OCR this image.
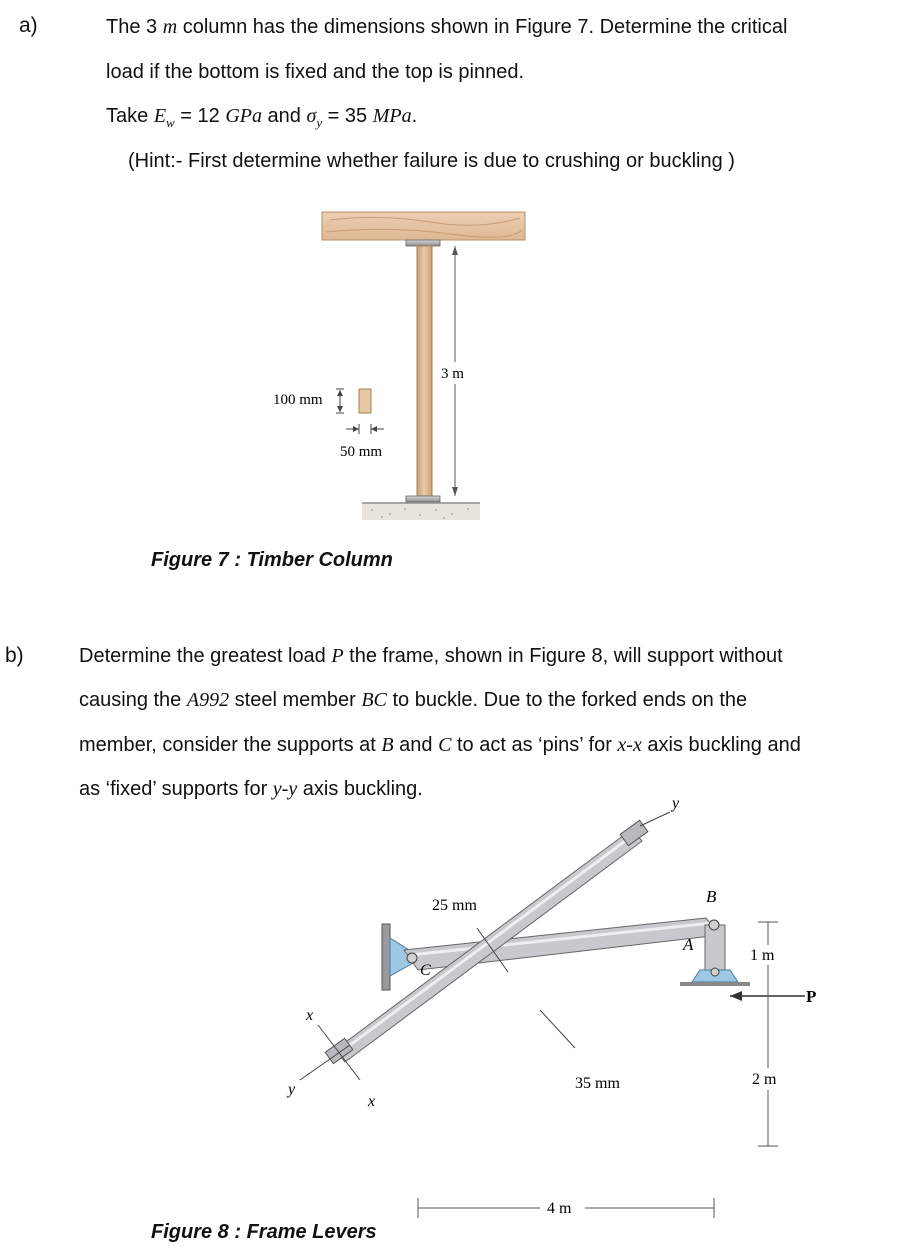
a)	The 3 m column has the dimensions shown in Figure 7. Determine the critical
load if the bottom is fixed and the top is pinned.
Take $E_w = 12$ GPa and $\sigma_y = 35$ MPa.
(Hint:- First determine whether failure is due to crushing or buckling )
3 m
100 mm
50 mm
Figure 7 : Timber Column
b)	Determine the greatest load P the frame, shown in Figure 8, will support without
causing the A992 steel member BC to buckle. Due to the forked ends on the
member, consider the supports at B and C to act as ‘pins’ for x-x axis buckling and
as ‘fixed’ supports for y-y axis buckling.
25 mm
35 mm
B
A
C
1 m
2 m
4 m
P
x
x
y
y
Figure 8 : Frame Levers
